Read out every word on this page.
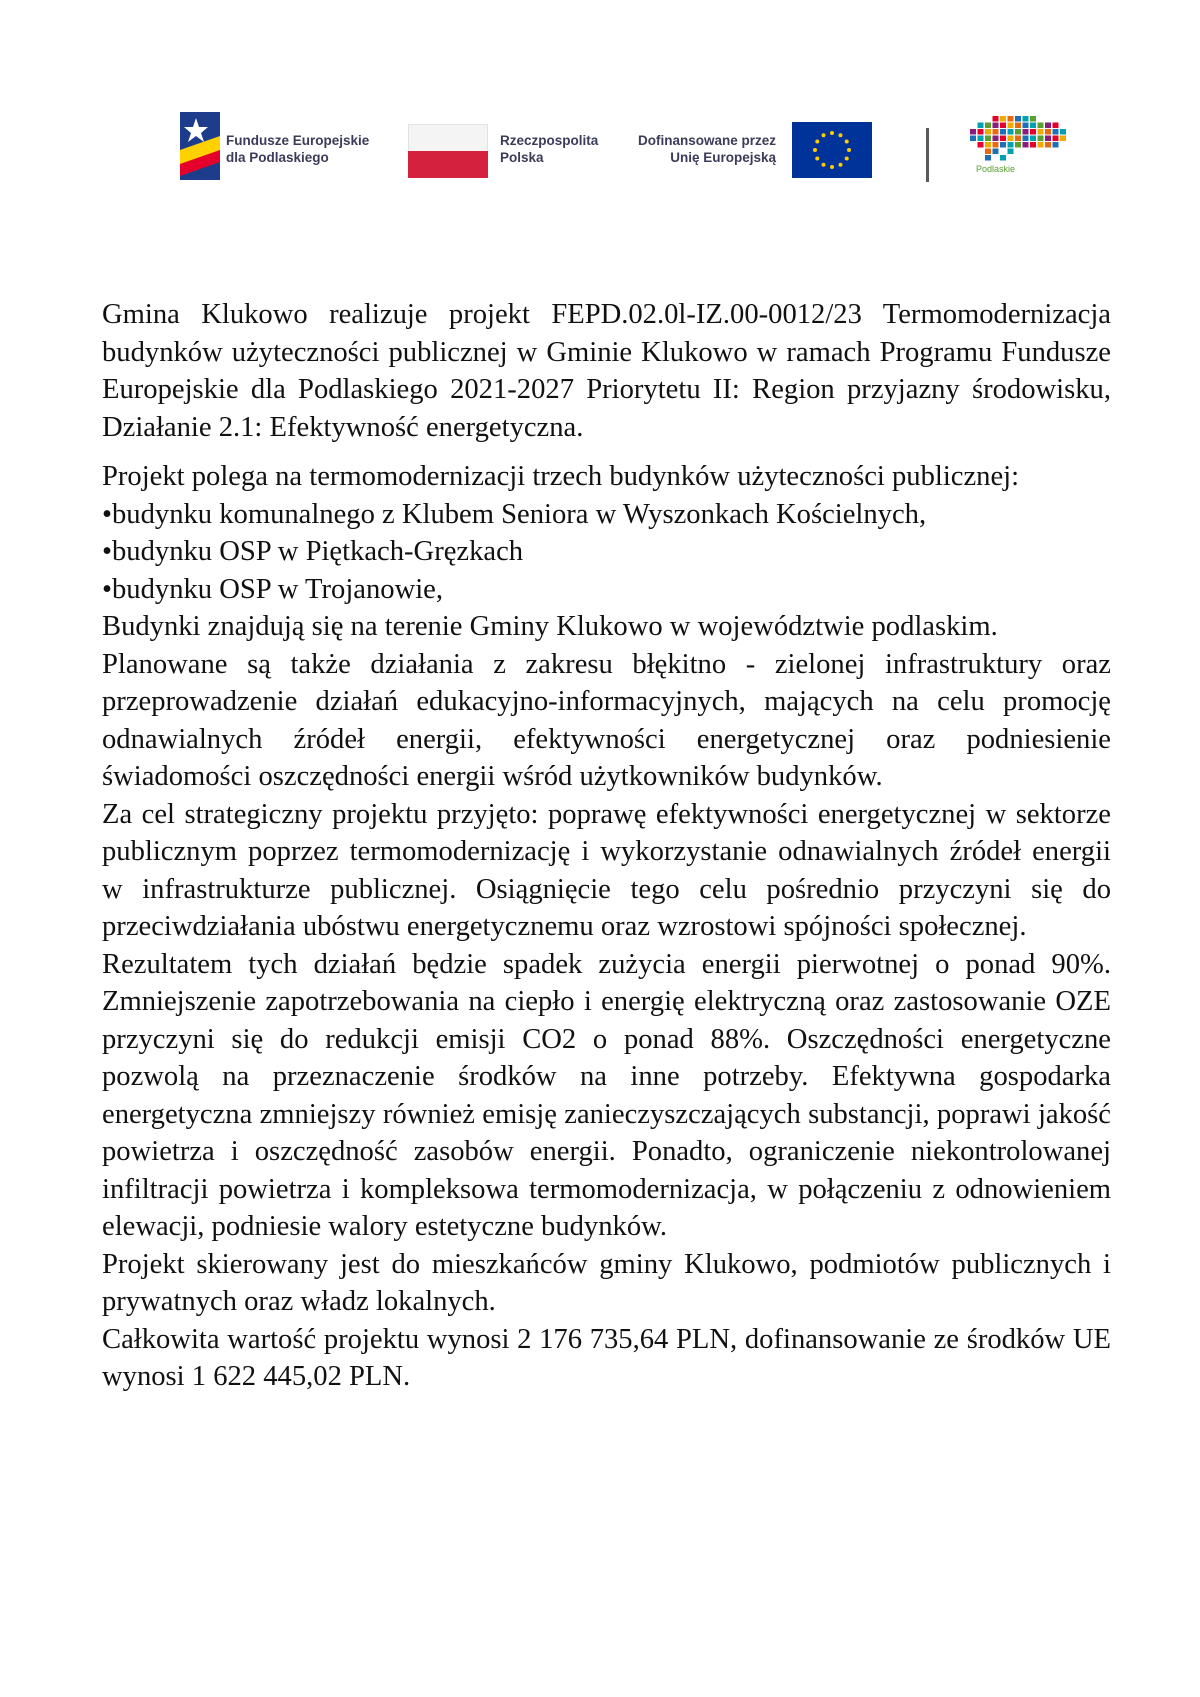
Fundusze Europejskie
dla Podlaskiego
Rzeczpospolita
Polska
Dofinansowane przez
Unię Europejską
Podlaskie

Gmina Klukowo realizuje projekt FEPD.02.0l-IZ.00-0012/23 Termomodernizacja budynków użyteczności publicznej w Gminie Klukowo w ramach Programu Fundusze Europejskie dla Podlaskiego 2021-2027 Priorytetu II: Region przyjazny środowisku, Działanie 2.1: Efektywność energetyczna.

Projekt polega na termomodernizacji trzech budynków użyteczności publicznej:

•budynku komunalnego z Klubem Seniora w Wyszonkach Kościelnych,

•budynku OSP w Piętkach-Gręzkach

•budynku OSP w Trojanowie,

Budynki znajdują się na terenie Gminy Klukowo w województwie podlaskim.

Planowane są także działania z zakresu błękitno - zielonej infrastruktury oraz przeprowadzenie działań edukacyjno-informacyjnych, mających na celu promocję odnawialnych źródeł energii, efektywności energetycznej oraz podniesienie świadomości oszczędności energii wśród użytkowników budynków.

Za cel strategiczny projektu przyjęto: poprawę efektywności energetycznej w sektorze publicznym poprzez termomodernizację i wykorzystanie odnawialnych źródeł energii w infrastrukturze publicznej. Osiągnięcie tego celu pośrednio przyczyni się do przeciwdziałania ubóstwu energetycznemu oraz wzrostowi spójności społecznej.

Rezultatem tych działań będzie spadek zużycia energii pierwotnej o ponad 90%. Zmniejszenie zapotrzebowania na ciepło i energię elektryczną oraz zastosowanie OZE przyczyni się do redukcji emisji CO2 o ponad 88%. Oszczędności energetyczne pozwolą na przeznaczenie środków na inne potrzeby. Efektywna gospodarka energetyczna zmniejszy również emisję zanieczyszczających substancji, poprawi jakość powietrza i oszczędność zasobów energii. Ponadto, ograniczenie niekontrolowanej infiltracji powietrza i kompleksowa termomodernizacja, w połączeniu z odnowieniem elewacji, podniesie walory estetyczne budynków.

Projekt skierowany jest do mieszkańców gminy Klukowo, podmiotów publicznych i prywatnych oraz władz lokalnych.

Całkowita wartość projektu wynosi 2 176 735,64 PLN, dofinansowanie ze środków UE wynosi 1 622 445,02 PLN.
